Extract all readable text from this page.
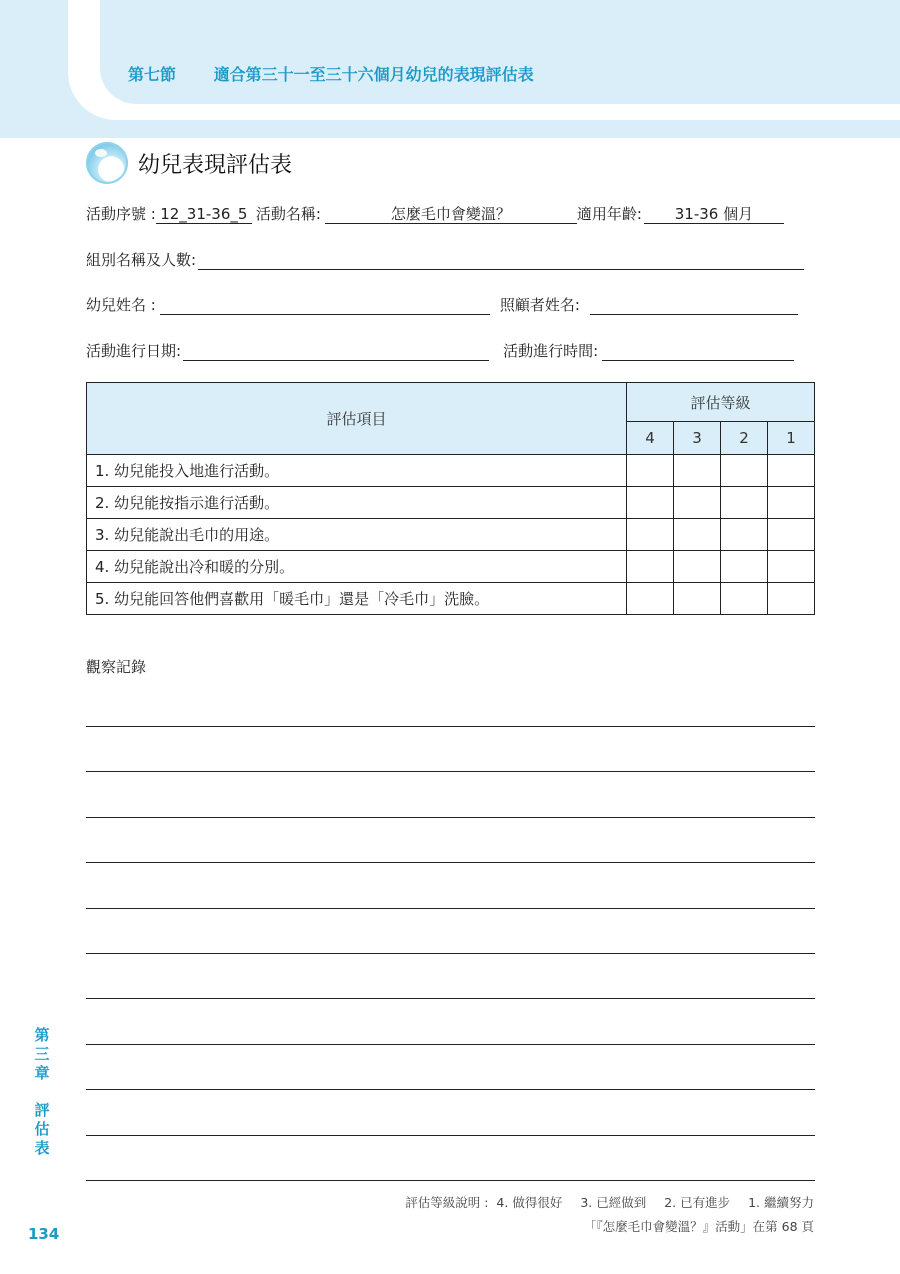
第七節 適合第三十一至三十六個月幼兒的表現評估表
幼兒表現評估表
活動序號 : 12_31-36_5 活動名稱:	怎麼毛巾會變溫？	適用年齡:	31-36 個月
組別名稱及人數:
幼兒姓名 :	照顧者姓名:
活動進行日期:	活動進行時間:
評估項目	評估等級			
	4	3	2	1
1. 幼兒能投入地進行活動。				
2. 幼兒能按指示進行活動。				
3. 幼兒能說出毛巾的用途。				
4. 幼兒能說出冷和暖的分別。				
5. 幼兒能回答他們喜歡用「暖毛巾」還是「冷毛巾」洗臉。				
觀察記錄
第
三
章
評
估
表
134
評估等級說明 : 4. 做得很好 3. 已經做到 2. 已有進步 1. 繼續努力
「『怎麼毛巾會變溫？』活動」在第 68 頁
